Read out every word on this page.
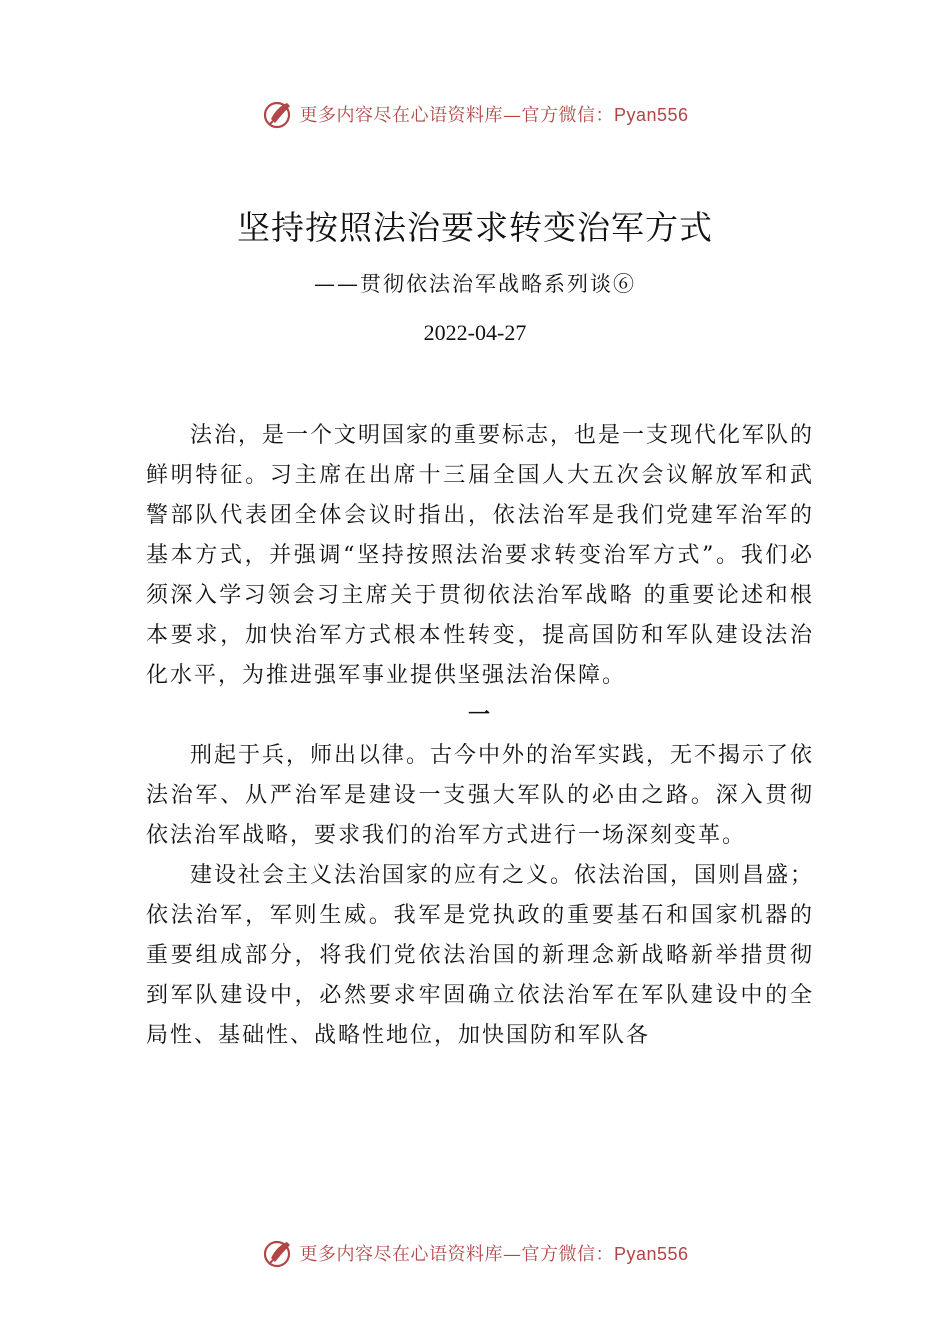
更多内容尽在心语资料库—官方微信：Pyan556
坚持按照法治要求转变治军方式
——贯彻依法治军战略系列谈⑥
2022-04-27

法治，是一个文明国家的重要标志，也是一支现代化军队的鲜明特征。习主席在出席十三届全国人大五次会议解放军和武警部队代表团全体会议时指出，依法治军是我们党建军治军的基本方式，并强调“坚持按照法治要求转变治军方式”。我们必须深入学习领会习主席关于贯彻依法治军战略 的重要论述和根本要求，加快治军方式根本性转变，提高国防和军队建设法治化水平，为推进强军事业提供坚强法治保障。

一

刑起于兵，师出以律。古今中外的治军实践，无不揭示了依法治军、从严治军是建设一支强大军队的必由之路。深入贯彻依法治军战略，要求我们的治军方式进行一场深刻变革。

建设社会主义法治国家的应有之义。依法治国，国则昌盛；依法治军，军则生威。我军是党执政的重要基石和国家机器的重要组成部分，将我们党依法治国的新理念新战略新举措贯彻到军队建设中，必然要求牢固确立依法治军在军队建设中的全局性、基础性、战略性地位，加快国防和军队各

更多内容尽在心语资料库—官方微信：Pyan556
